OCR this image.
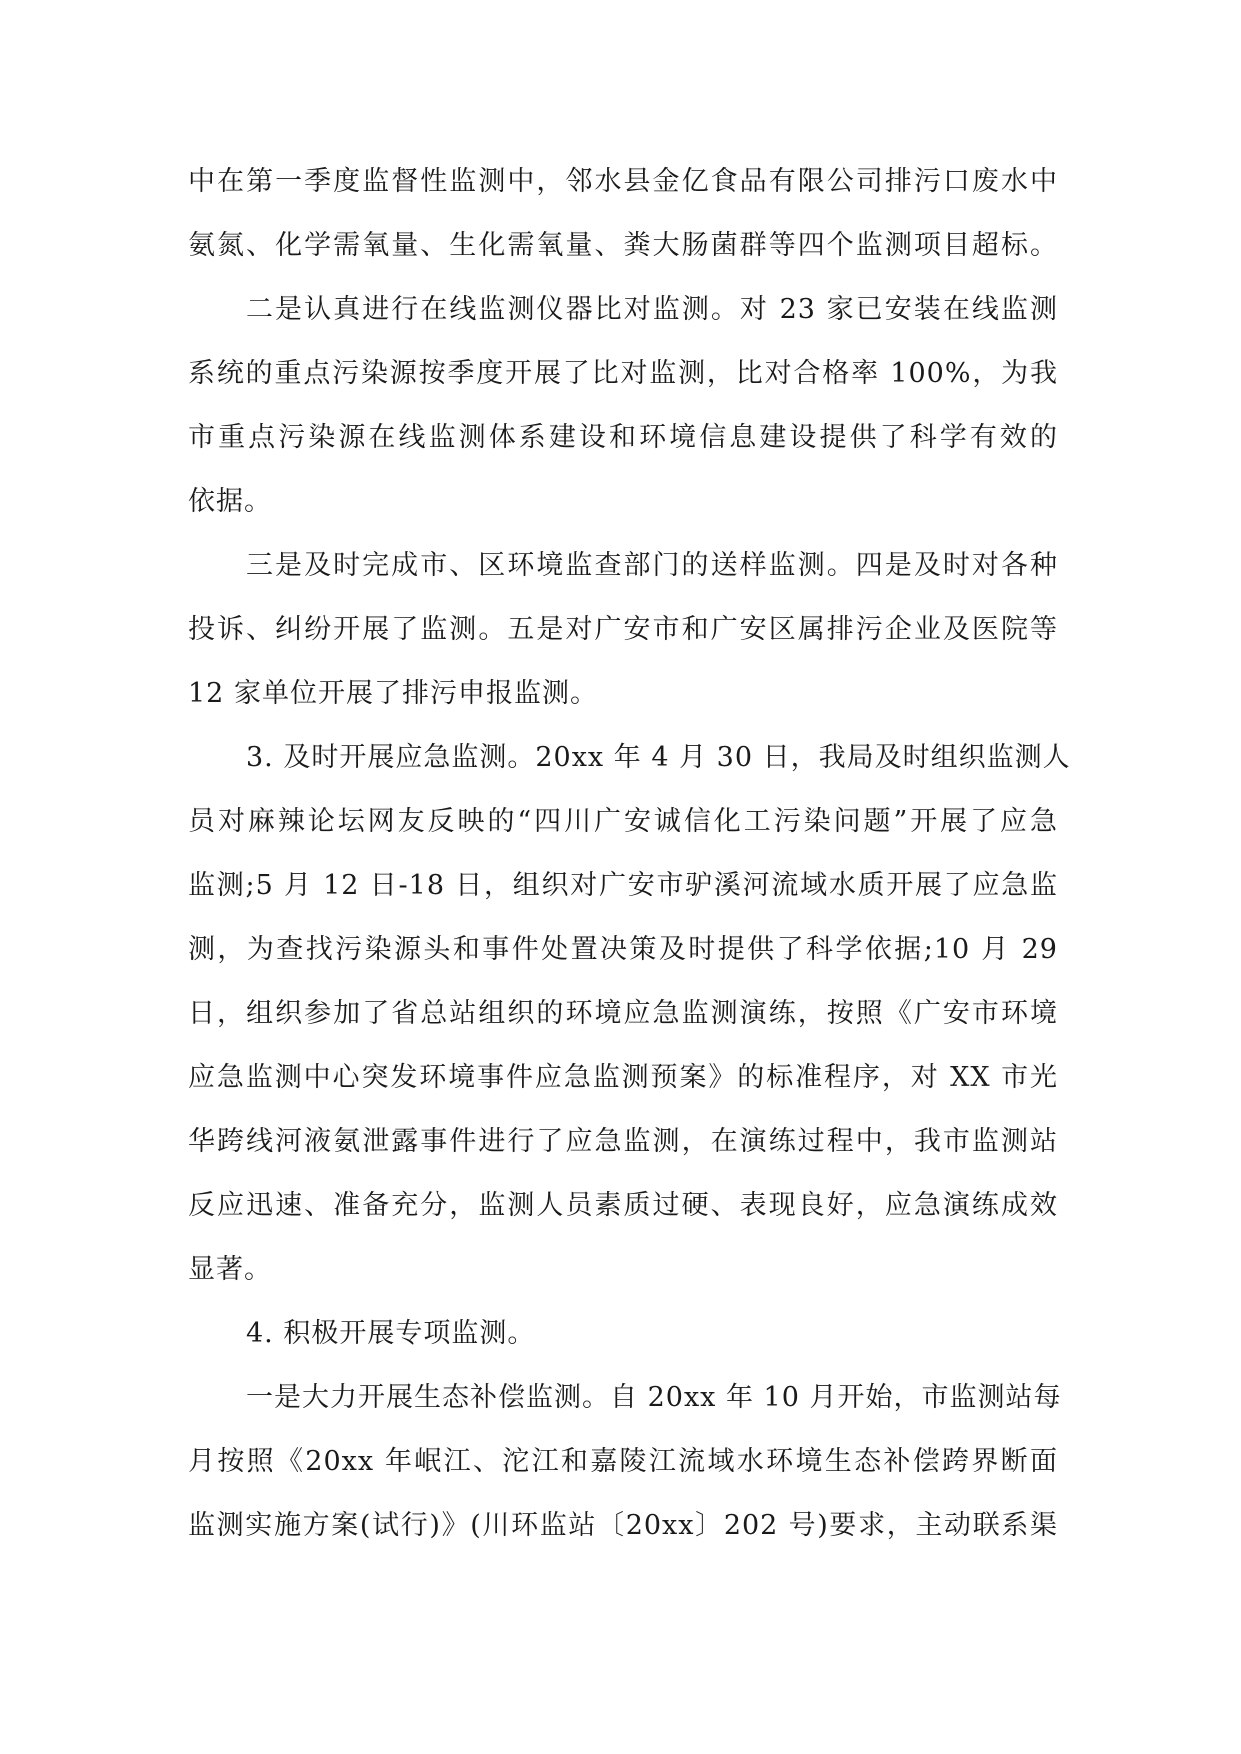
中在第一季度监督性监测中，邻水县金亿食品有限公司排污口废水中
氨氮、化学需氧量、生化需氧量、粪大肠菌群等四个监测项目超标。
二是认真进行在线监测仪器比对监测。对 23 家已安装在线监测
系统的重点污染源按季度开展了比对监测，比对合格率 100%，为我
市重点污染源在线监测体系建设和环境信息建设提供了科学有效的
依据。
三是及时完成市、区环境监查部门的送样监测。四是及时对各种
投诉、纠纷开展了监测。五是对广安市和广安区属排污企业及医院等
12 家单位开展了排污申报监测。
3. 及时开展应急监测。20xx 年 4 月 30 日，我局及时组织监测人
员对麻辣论坛网友反映的“四川广安诚信化工污染问题”开展了应急
监测;5 月 12 日-18 日，组织对广安市驴溪河流域水质开展了应急监
测，为查找污染源头和事件处置决策及时提供了科学依据;10 月 29
日，组织参加了省总站组织的环境应急监测演练，按照《广安市环境
应急监测中心突发环境事件应急监测预案》的标准程序，对 XX 市光
华跨线河液氨泄露事件进行了应急监测，在演练过程中，我市监测站
反应迅速、准备充分，监测人员素质过硬、表现良好，应急演练成效
显著。
4. 积极开展专项监测。
一是大力开展生态补偿监测。自 20xx 年 10 月开始，市监测站每
月按照《20xx 年岷江、沱江和嘉陵江流域水环境生态补偿跨界断面
监测实施方案(试行)》(川环监站〔20xx〕202 号)要求，主动联系渠
